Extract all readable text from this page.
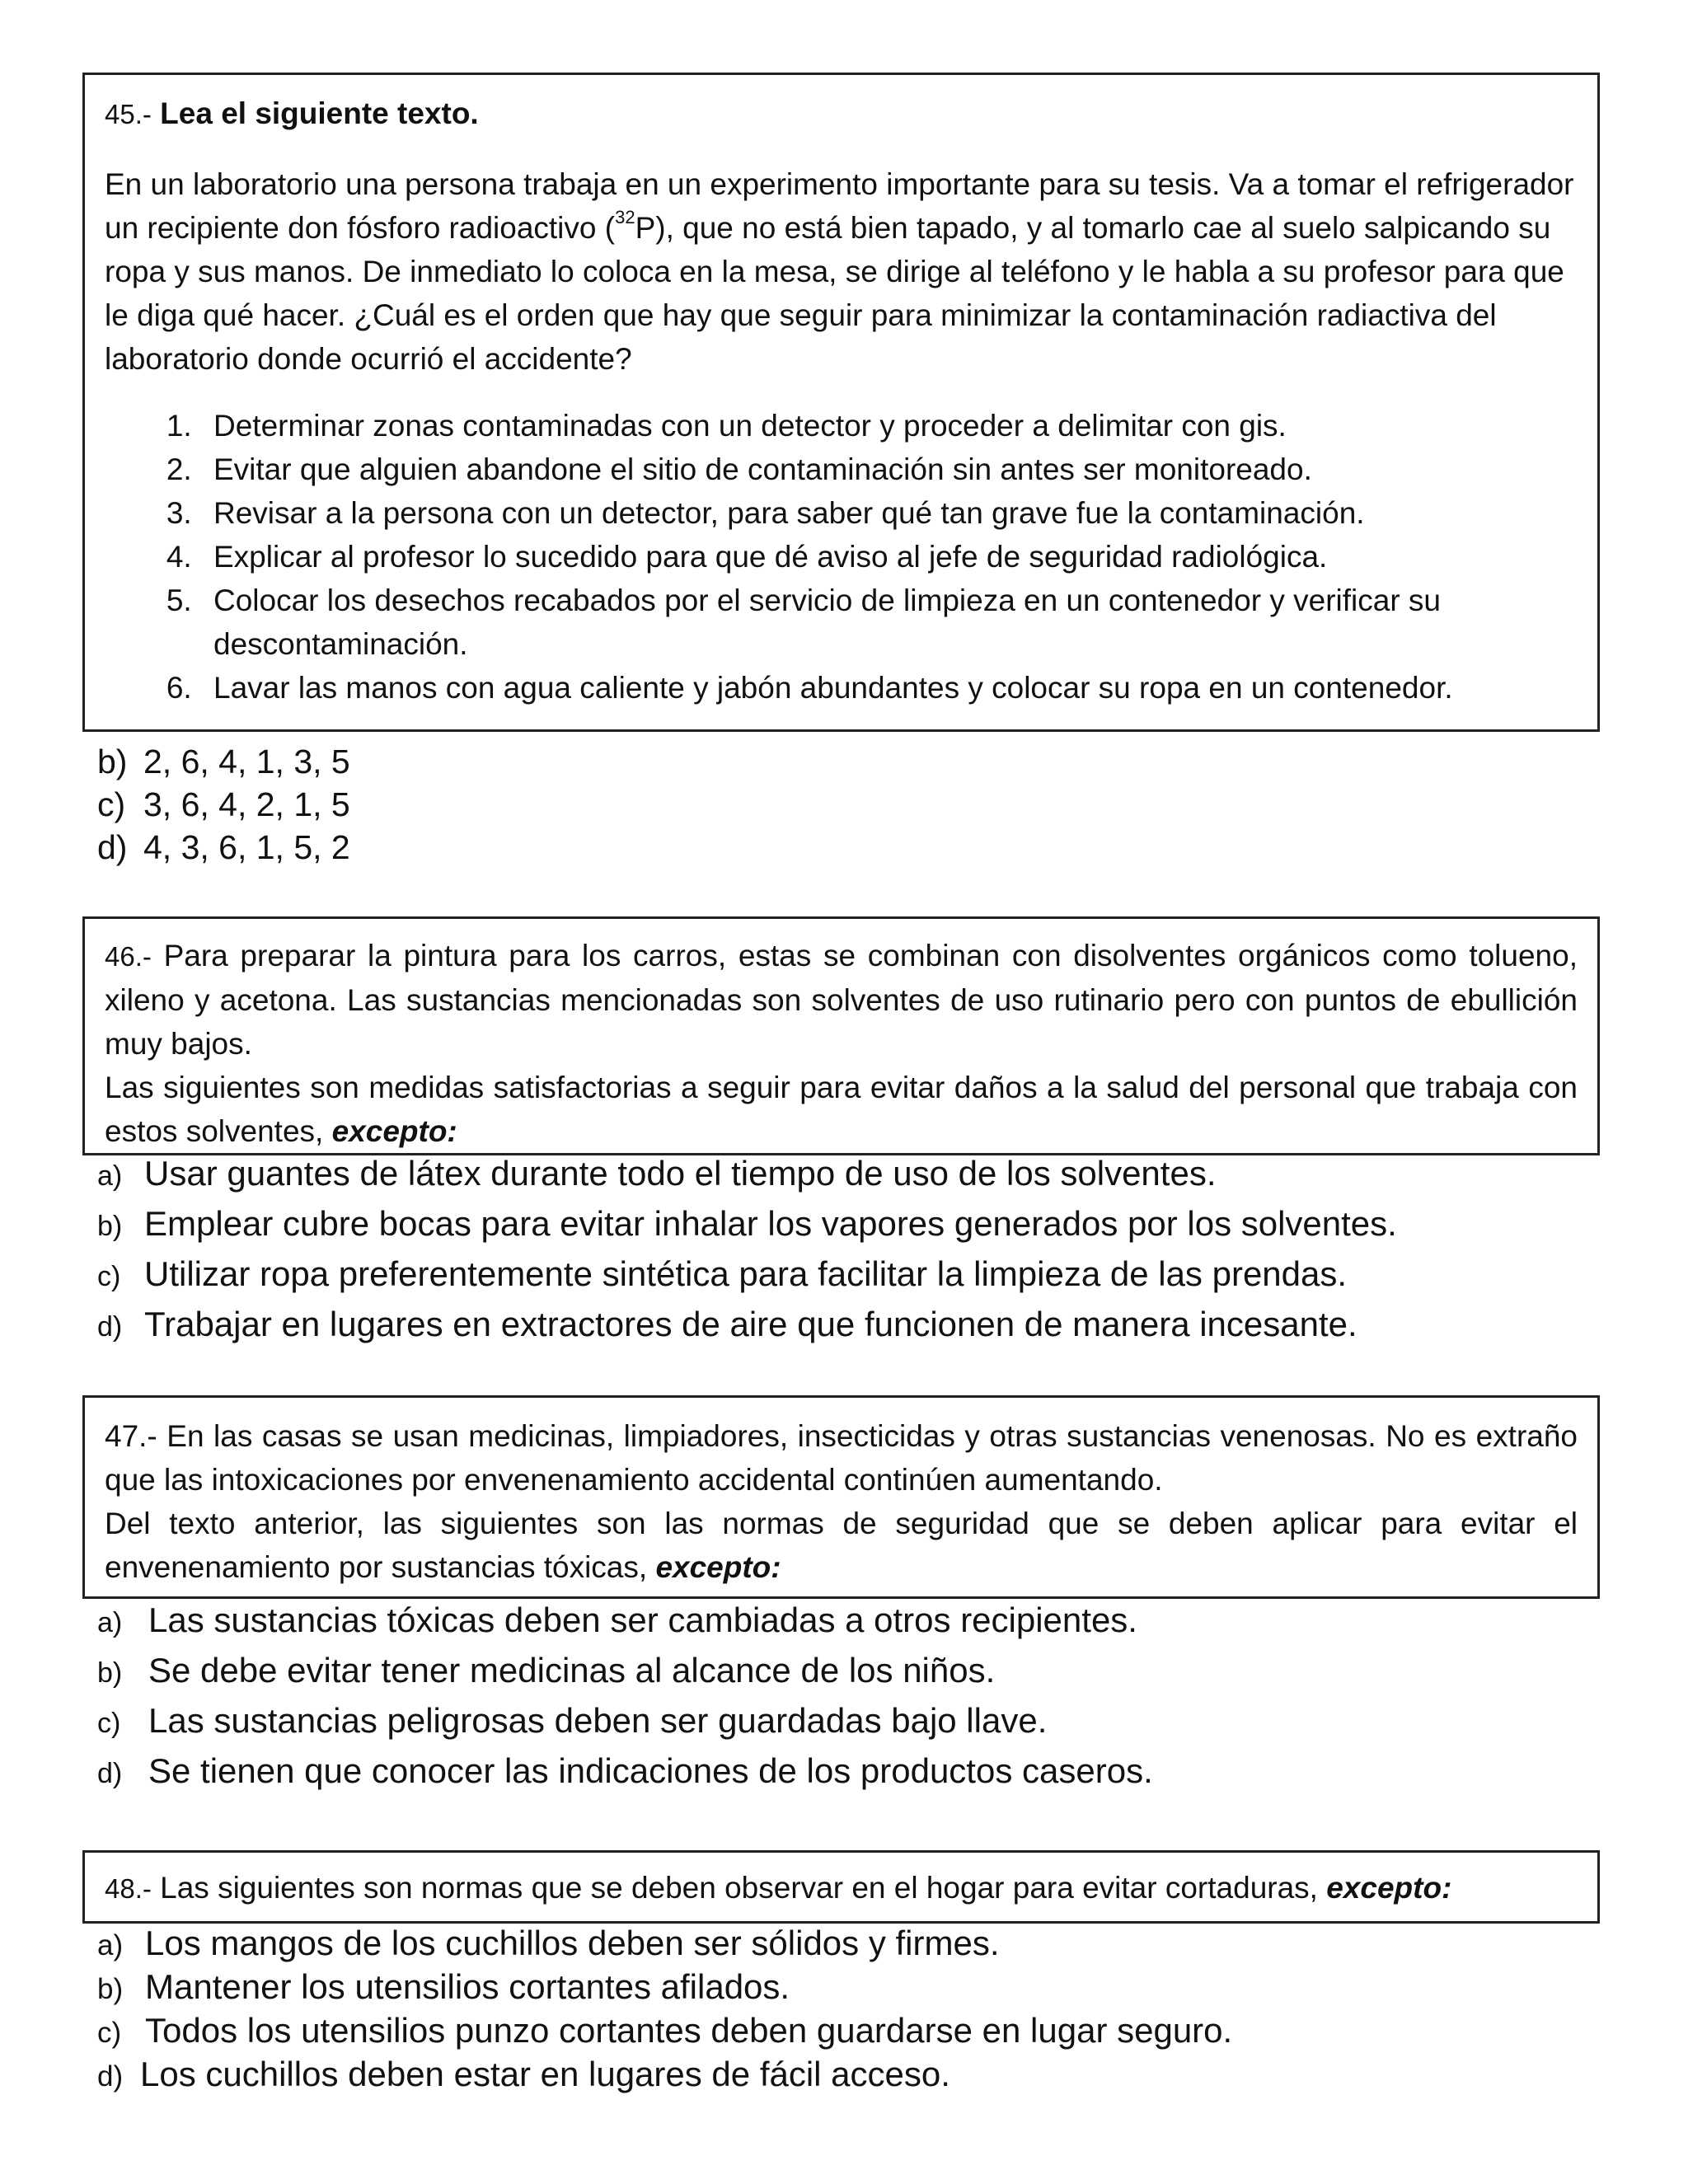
b) 2, 6, 4, 1, 3, 5
c) 3, 6, 4, 2, 1, 5
d) 4, 3, 6, 1, 5, 2

45.- Lea el siguiente texto.

En un laboratorio una persona trabaja en un experimento importante para su tesis. Va a tomar el refrigerador un recipiente don fósforo radioactivo ($^{32}$P), que no está bien tapado, y al tomarlo cae al suelo salpicando su ropa y sus manos. De inmediato lo coloca en la mesa, se dirige al teléfono y le habla a su profesor para que le diga qué hacer. ¿Cuál es el orden que hay que seguir para minimizar la contaminación radiactiva del laboratorio donde ocurrió el accidente?

1. Determinar zonas contaminadas con un detector y proceder a delimitar con gis.
2. Evitar que alguien abandone el sitio de contaminación sin antes ser monitoreado.
3. Revisar a la persona con un detector, para saber qué tan grave fue la contaminación.
4. Explicar al profesor lo sucedido para que dé aviso al jefe de seguridad radiológica.
5. Colocar los desechos recabados por el servicio de limpieza en un contenedor y verificar su descontaminación.
6. Lavar las manos con agua caliente y jabón abundantes y colocar su ropa en un contenedor.

46.- Para preparar la pintura para los carros, estas se combinan con disolventes orgánicos como tolueno, xileno y acetona. Las sustancias mencionadas son solventes de uso rutinario pero con puntos de ebullición muy bajos.

Las siguientes son medidas satisfactorias a seguir para evitar daños a la salud del personal que trabaja con estos solventes, excepto:

a) Usar guantes de látex durante todo el tiempo de uso de los solventes.
b) Emplear cubre bocas para evitar inhalar los vapores generados por los solventes.
c) Utilizar ropa preferentemente sintética para facilitar la limpieza de las prendas.
d) Trabajar en lugares en extractores de aire que funcionen de manera incesante.

47.- En las casas se usan medicinas, limpiadores, insecticidas y otras sustancias venenosas. No es extraño que las intoxicaciones por envenenamiento accidental continúen aumentando.

Del texto anterior, las siguientes son las normas de seguridad que se deben aplicar para evitar el envenenamiento por sustancias tóxicas, excepto:

a) Las sustancias tóxicas deben ser cambiadas a otros recipientes.
b) Se debe evitar tener medicinas al alcance de los niños.
c) Las sustancias peligrosas deben ser guardadas bajo llave.
d) Se tienen que conocer las indicaciones de los productos caseros.

48.- Las siguientes son normas que se deben observar en el hogar para evitar cortaduras, excepto:

a) Los mangos de los cuchillos deben ser sólidos y firmes.
b) Mantener los utensilios cortantes afilados.
c) Todos los utensilios punzo cortantes deben guardarse en lugar seguro.
d) Los cuchillos deben estar en lugares de fácil acceso.
